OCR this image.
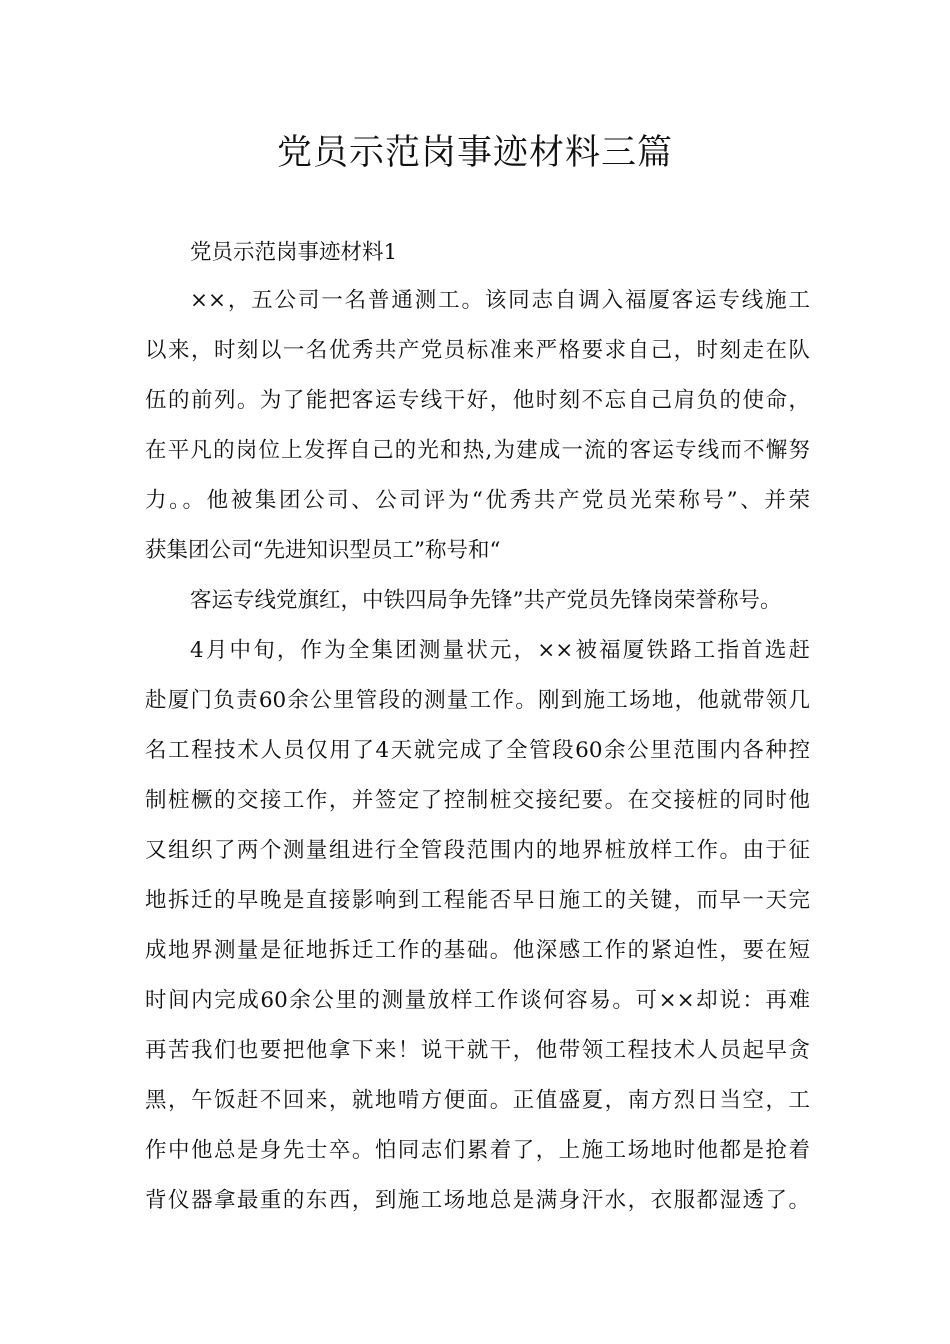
党员示范岗事迹材料三篇

党员示范岗事迹材料1

××，五公司一名普通测工。该同志自调入福厦客运专线施工

以来，时刻以一名优秀共产党员标准来严格要求自己，时刻走在队

伍的前列。为了能把客运专线干好，他时刻不忘自己肩负的使命，

在平凡的岗位上发挥自己的光和热,为建成一流的客运专线而不懈努

力。。他被集团公司、公司评为“优秀共产党员光荣称号”、并荣

获集团公司“先进知识型员工”称号和“

客运专线党旗红，中铁四局争先锋”共产党员先锋岗荣誉称号。

4月中旬，作为全集团测量状元，××被福厦铁路工指首选赶

赴厦门负责60余公里管段的测量工作。刚到施工场地，他就带领几

名工程技术人员仅用了4天就完成了全管段60余公里范围内各种控

制桩橛的交接工作，并签定了控制桩交接纪要。在交接桩的同时他

又组织了两个测量组进行全管段范围内的地界桩放样工作。由于征

地拆迁的早晚是直接影响到工程能否早日施工的关键，而早一天完

成地界测量是征地拆迁工作的基础。他深感工作的紧迫性，要在短

时间内完成60余公里的测量放样工作谈何容易。可××却说：再难

再苦我们也要把他拿下来！说干就干，他带领工程技术人员起早贪

黑，午饭赶不回来，就地啃方便面。正值盛夏，南方烈日当空，工

作中他总是身先士卒。怕同志们累着了，上施工场地时他都是抢着

背仪器拿最重的东西，到施工场地总是满身汗水，衣服都湿透了。
